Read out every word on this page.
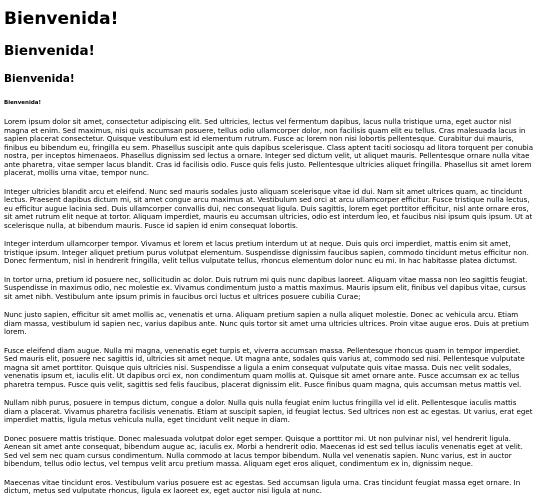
Bienvenida!
Bienvenida!
Bienvenida!
Bienvenida!

Lorem ipsum dolor sit amet, consectetur adipiscing elit. Sed ultricies, lectus vel fermentum dapibus, lacus nulla tristique urna, eget auctor nisl magna et enim. Sed maximus, nisi quis accumsan posuere, tellus odio ullamcorper dolor, non facilisis quam elit eu tellus. Cras malesuada lacus in sapien placerat consectetur. Quisque vestibulum est id elementum rutrum. Fusce ac lorem non nisi lobortis pellentesque. Curabitur dui mauris, finibus eu bibendum eu, fringilla eu sem. Phasellus suscipit ante quis dapibus scelerisque. Class aptent taciti sociosqu ad litora torquent per conubia nostra, per inceptos himenaeos. Phasellus dignissim sed lectus a ornare. Integer sed dictum velit, ut aliquet mauris. Pellentesque ornare nulla vitae ante pharetra, vitae semper lacus blandit. Cras id facilisis odio. Fusce quis felis justo. Pellentesque ultricies aliquet fringilla. Phasellus sit amet lorem placerat, mollis urna vitae, tempor nunc.

Integer ultricies blandit arcu et eleifend. Nunc sed mauris sodales justo aliquam scelerisque vitae id dui. Nam sit amet ultrices quam, ac tincidunt lectus. Praesent dapibus dictum mi, sit amet congue arcu maximus at. Vestibulum sed orci at arcu ullamcorper efficitur. Fusce tristique nulla lectus, eu efficitur augue lacinia sed. Duis ullamcorper convallis dui, nec consequat ligula. Duis sagittis, lorem eget porttitor efficitur, nisl ante ornare eros, sit amet rutrum elit neque at tortor. Aliquam imperdiet, mauris eu accumsan ultricies, odio est interdum leo, et faucibus nisi ipsum quis ipsum. Ut at scelerisque nulla, at bibendum mauris. Fusce id sapien id enim consequat lobortis.

Integer interdum ullamcorper tempor. Vivamus et lorem et lacus pretium interdum ut at neque. Duis quis orci imperdiet, mattis enim sit amet, tristique ipsum. Integer aliquet pretium purus volutpat elementum. Suspendisse dignissim faucibus sapien, commodo tincidunt metus efficitur non. Donec fermentum, nisl in hendrerit fringilla, velit tellus vulputate tellus, rhoncus elementum dolor nunc eu mi. In hac habitasse platea dictumst.

In tortor urna, pretium id posuere nec, sollicitudin ac dolor. Duis rutrum mi quis nunc dapibus laoreet. Aliquam vitae massa non leo sagittis feugiat. Suspendisse in maximus odio, nec molestie ex. Vivamus condimentum justo a mattis maximus. Mauris ipsum elit, finibus vel dapibus vitae, cursus sit amet nibh. Vestibulum ante ipsum primis in faucibus orci luctus et ultrices posuere cubilia Curae;

Nunc justo sapien, efficitur sit amet mollis ac, venenatis et urna. Aliquam pretium sapien a nulla aliquet molestie. Donec ac vehicula arcu. Etiam diam massa, vestibulum id sapien nec, varius dapibus ante. Nunc quis tortor sit amet urna ultricies ultrices. Proin vitae augue eros. Duis at pretium lorem.

Fusce eleifend diam augue. Nulla mi magna, venenatis eget turpis et, viverra accumsan massa. Pellentesque rhoncus quam in tempor imperdiet. Sed mauris elit, posuere nec sagittis id, ultricies sit amet neque. Ut magna ante, sodales quis varius at, commodo sed nisi. Pellentesque vulputate magna sit amet porttitor. Quisque quis ultricies nisi. Suspendisse a ligula a enim consequat vulputate quis vitae massa. Duis nec velit sodales, venenatis ipsum et, iaculis elit. Ut dapibus orci ex, non condimentum quam mollis at. Quisque sit amet ornare ante. Fusce accumsan ex ac tellus pharetra tempus. Fusce quis velit, sagittis sed felis faucibus, placerat dignissim elit. Fusce finibus quam magna, quis accumsan metus mattis vel.

Nullam nibh purus, posuere in tempus dictum, congue a dolor. Nulla quis nulla feugiat enim luctus fringilla vel id elit. Pellentesque iaculis mattis diam a placerat. Vivamus pharetra facilisis venenatis. Etiam at suscipit sapien, id feugiat lectus. Sed ultrices non est ac egestas. Ut varius, erat eget imperdiet mattis, ligula metus vehicula nulla, eget tincidunt velit neque in diam.

Donec posuere mattis tristique. Donec malesuada volutpat dolor eget semper. Quisque a porttitor mi. Ut non pulvinar nisl, vel hendrerit ligula. Aenean sit amet ante consequat, bibendum augue ac, iaculis ex. Morbi a hendrerit odio. Maecenas id est sed tellus iaculis venenatis eget at velit. Sed vel sem nec quam cursus condimentum. Nulla commodo at lacus tempor bibendum. Nulla vel venenatis sapien. Nunc varius, est in auctor bibendum, tellus odio lectus, vel tempus velit arcu pretium massa. Aliquam eget eros aliquet, condimentum ex in, dignissim neque.

Maecenas vitae tincidunt eros. Vestibulum varius posuere est ac egestas. Sed accumsan ligula urna. Cras tincidunt feugiat massa eget ornare. In dictum, metus sed vulputate rhoncus, ligula ex laoreet ex, eget auctor nisi ligula at nunc.
